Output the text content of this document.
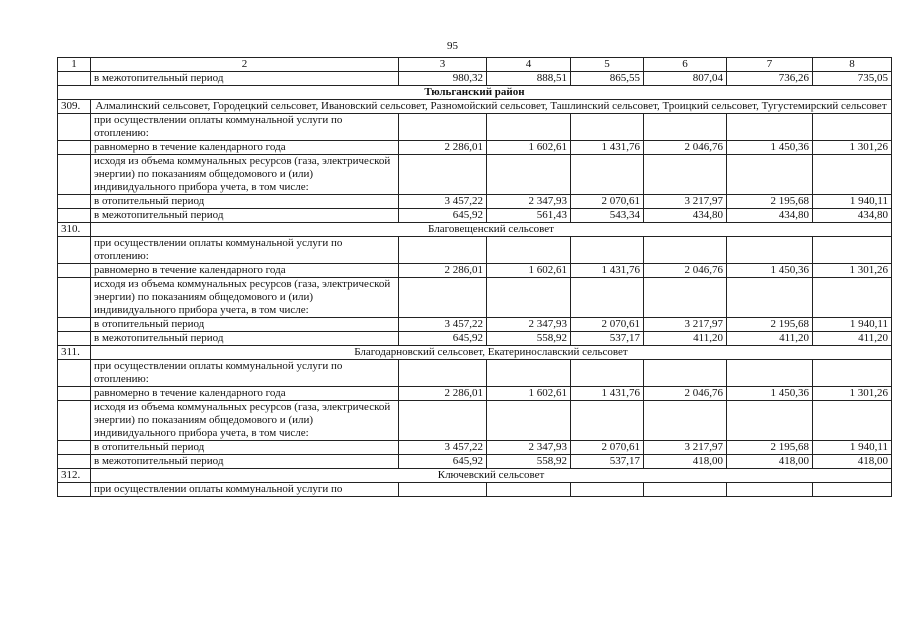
95
1	2	3	4	5	6	7	8
	в межотопительный период	980,32	888,51	865,55	807,04	736,26	735,05
Тюльганский район							
309.	Алмалинский сельсовет, Городецкий сельсовет, Ивановский сельсовет, Разномойский сельсовет, Ташлинский сельсовет, Троицкий сельсовет, Тугустемирский сельсовет						
	при осуществлении оплаты коммунальной услуги по отоплению:						
	равномерно в течение календарного года	2 286,01	1 602,61	1 431,76	2 046,76	1 450,36	1 301,26
	исходя из объема коммунальных ресурсов (газа, электрической энергии) по показаниям общедомового и (или) индивидуального прибора учета, в том числе:						
	в отопительный период	3 457,22	2 347,93	2 070,61	3 217,97	2 195,68	1 940,11
	в межотопительный период	645,92	561,43	543,34	434,80	434,80	434,80
310.	Благовещенский сельсовет						
	при осуществлении оплаты коммунальной услуги по отоплению:						
	равномерно в течение календарного года	2 286,01	1 602,61	1 431,76	2 046,76	1 450,36	1 301,26
	исходя из объема коммунальных ресурсов (газа, электрической энергии) по показаниям общедомового и (или) индивидуального прибора учета, в том числе:						
	в отопительный период	3 457,22	2 347,93	2 070,61	3 217,97	2 195,68	1 940,11
	в межотопительный период	645,92	558,92	537,17	411,20	411,20	411,20
311.	Благодарновский сельсовет, Екатеринославский сельсовет						
	при осуществлении оплаты коммунальной услуги по отоплению:						
	равномерно в течение календарного года	2 286,01	1 602,61	1 431,76	2 046,76	1 450,36	1 301,26
	исходя из объема коммунальных ресурсов (газа, электрической энергии) по показаниям общедомового и (или) индивидуального прибора учета, в том числе:						
	в отопительный период	3 457,22	2 347,93	2 070,61	3 217,97	2 195,68	1 940,11
	в межотопительный период	645,92	558,92	537,17	418,00	418,00	418,00
312.	Ключевский сельсовет						
	при осуществлении оплаты коммунальной услуги по						
